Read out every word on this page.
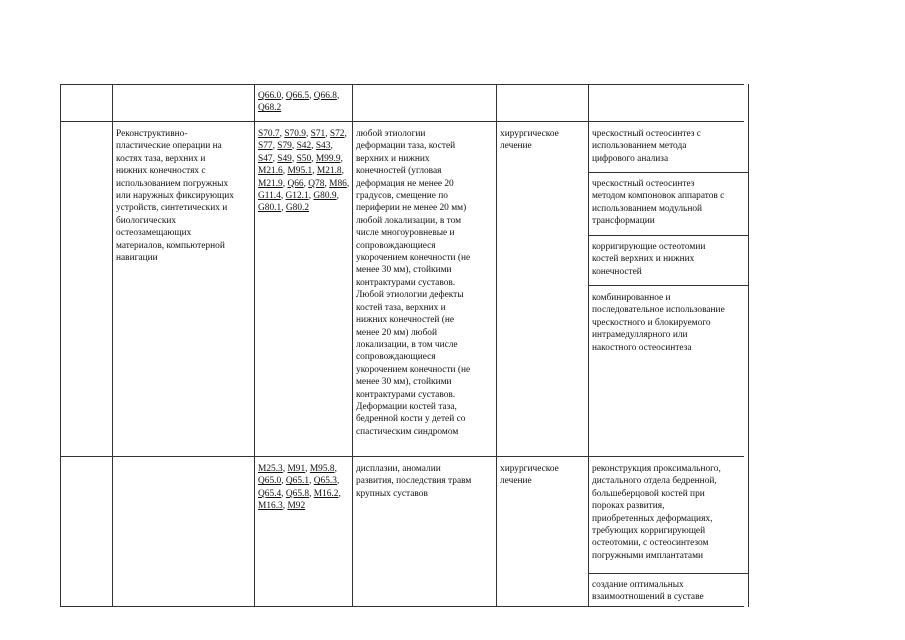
Q66.0, Q66.5, Q66.8, Q68.2
Реконструктивно-
пластические операции на
костях таза, верхних и
нижних конечностях с
использованием погружных
или наружных фиксирующих
устройств, синтетических и
биологических
остеозамещающих
материалов, компьютерной
навигации
S70.7, S70.9, S71, S72, S77, S79, S42, S43, S47, S49, S50, M99.9, M21.6, M95.1, M21.8, M21.9, Q66, Q78, M86, G11.4, G12.1, G80.9, G80.1, G80.2
любой этиологии
деформации таза, костей
верхних и нижних
конечностей (угловая
деформация не менее 20
градусов, смещение по
периферии не менее 20 мм)
любой локализации, в том
числе многоуровневые и
сопровождающиеся
укорочением конечности (не
менее 30 мм), стойкими
контрактурами суставов.
Любой этиологии дефекты
костей таза, верхних и
нижних конечностей (не
менее 20 мм) любой
локализации, в том числе
сопровождающиеся
укорочением конечности (не
менее 30 мм), стойкими
контрактурами суставов.
Деформации костей таза,
бедренной кости у детей со
спастическим синдромом
хирургическое
лечение
чрескостный остеосинтез с
использованием метода
цифрового анализа
чрескостный остеосинтез
методом компоновок аппаратов с
использованием модульной
трансформации
корригирующие остеотомии
костей верхних и нижних
конечностей
комбинированное и
последовательное использование
чрескостного и блокируемого
интрамедуллярного или
накостного остеосинтеза
M25.3, M91, M95.8, Q65.0, Q65.1, Q65.3, Q65.4, Q65.8, M16.2, M16.3, M92
дисплазии, аномалии
развития, последствия травм
крупных суставов
хирургическое
лечение
реконструкция проксимального,
дистального отдела бедренной,
большеберцовой костей при
пороках развития,
приобретенных деформациях,
требующих корригирующей
остеотомии, с остеосинтезом
погружными имплантатами
создание оптимальных
взаимоотношений в суставе
